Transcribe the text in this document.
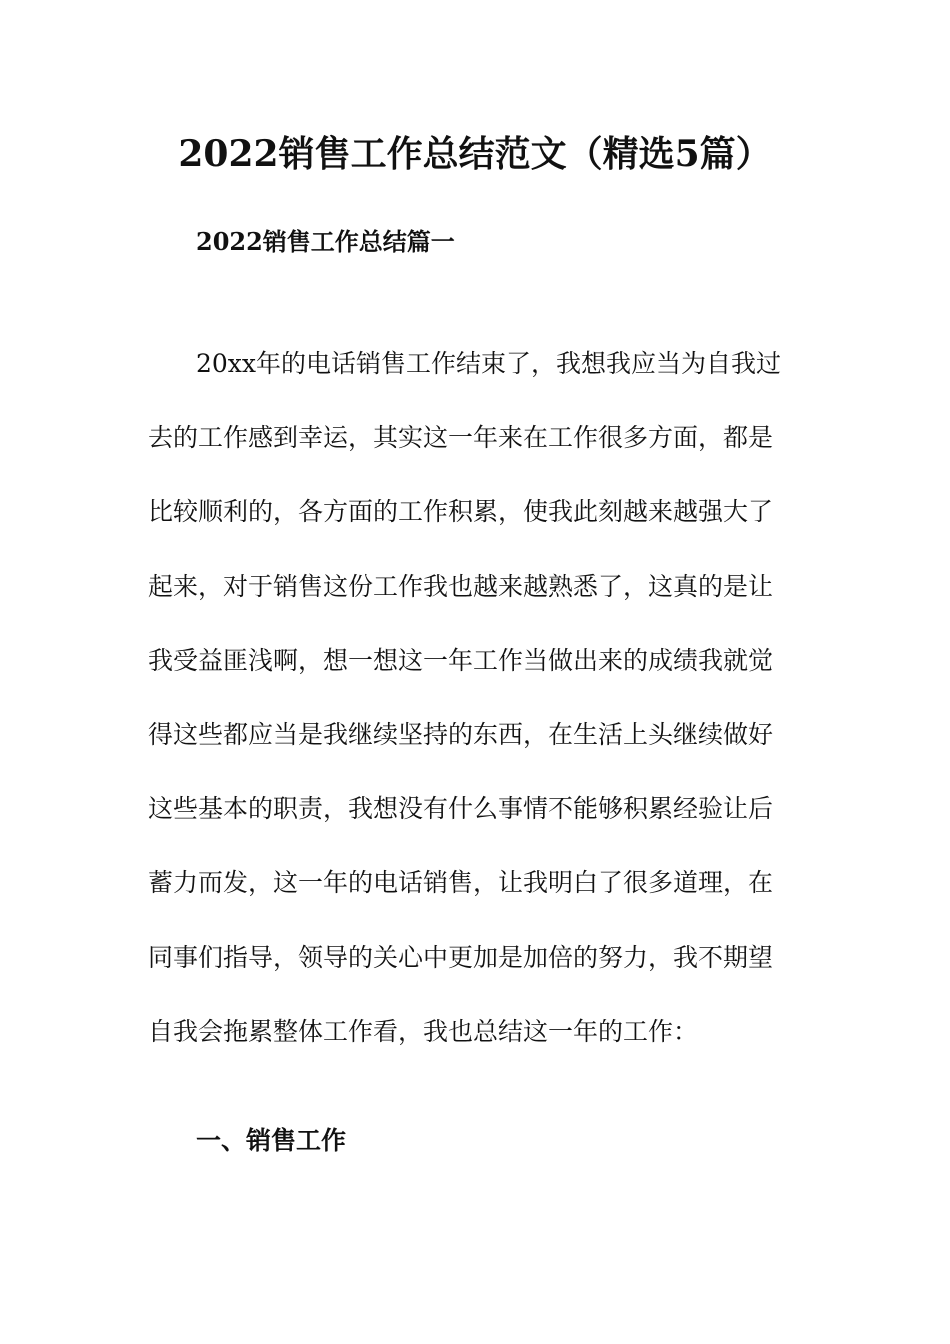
2022销售工作总结范文（精选5篇）
2022销售工作总结篇一
20xx年的电话销售工作结束了，我想我应当为自我过
去的工作感到幸运，其实这一年来在工作很多方面，都是
比较顺利的，各方面的工作积累，使我此刻越来越强大了
起来，对于销售这份工作我也越来越熟悉了，这真的是让
我受益匪浅啊，想一想这一年工作当做出来的成绩我就觉
得这些都应当是我继续坚持的东西，在生活上头继续做好
这些基本的职责，我想没有什么事情不能够积累经验让后
蓄力而发，这一年的电话销售，让我明白了很多道理，在
同事们指导，领导的关心中更加是加倍的努力，我不期望
自我会拖累整体工作看，我也总结这一年的工作：
一、销售工作
